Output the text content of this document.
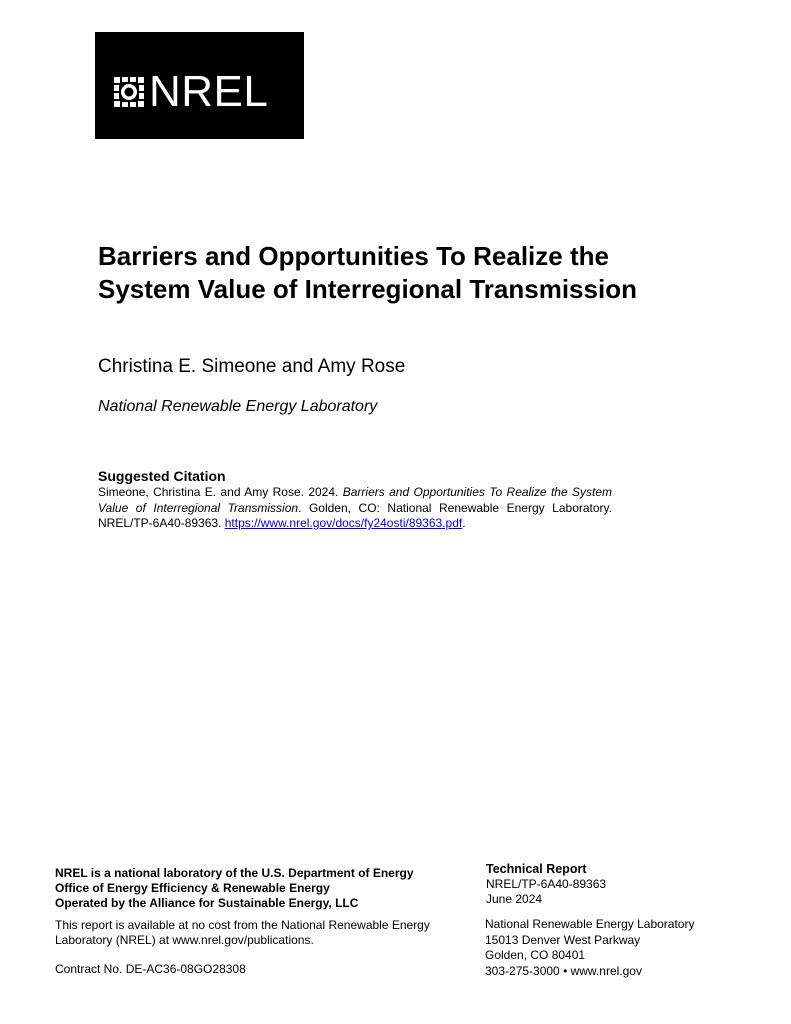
NREL
Barriers and Opportunities To Realize the System Value of Interregional Transmission
Christina E. Simeone and Amy Rose
National Renewable Energy Laboratory
Suggested Citation
Simeone, Christina E. and Amy Rose. 2024. Barriers and Opportunities To Realize the System Value of Interregional Transmission. Golden, CO: National Renewable Energy Laboratory. NREL/TP-6A40-89363. https://www.nrel.gov/docs/fy24osti/89363.pdf.
NREL is a national laboratory of the U.S. Department of Energy
Office of Energy Efficiency & Renewable Energy
Operated by the Alliance for Sustainable Energy, LLC
This report is available at no cost from the National Renewable Energy Laboratory (NREL) at www.nrel.gov/publications.
Contract No. DE-AC36-08GO28308
Technical Report
NREL/TP-6A40-89363
June 2024
National Renewable Energy Laboratory
15013 Denver West Parkway
Golden, CO 80401
303-275-3000 • www.nrel.gov
